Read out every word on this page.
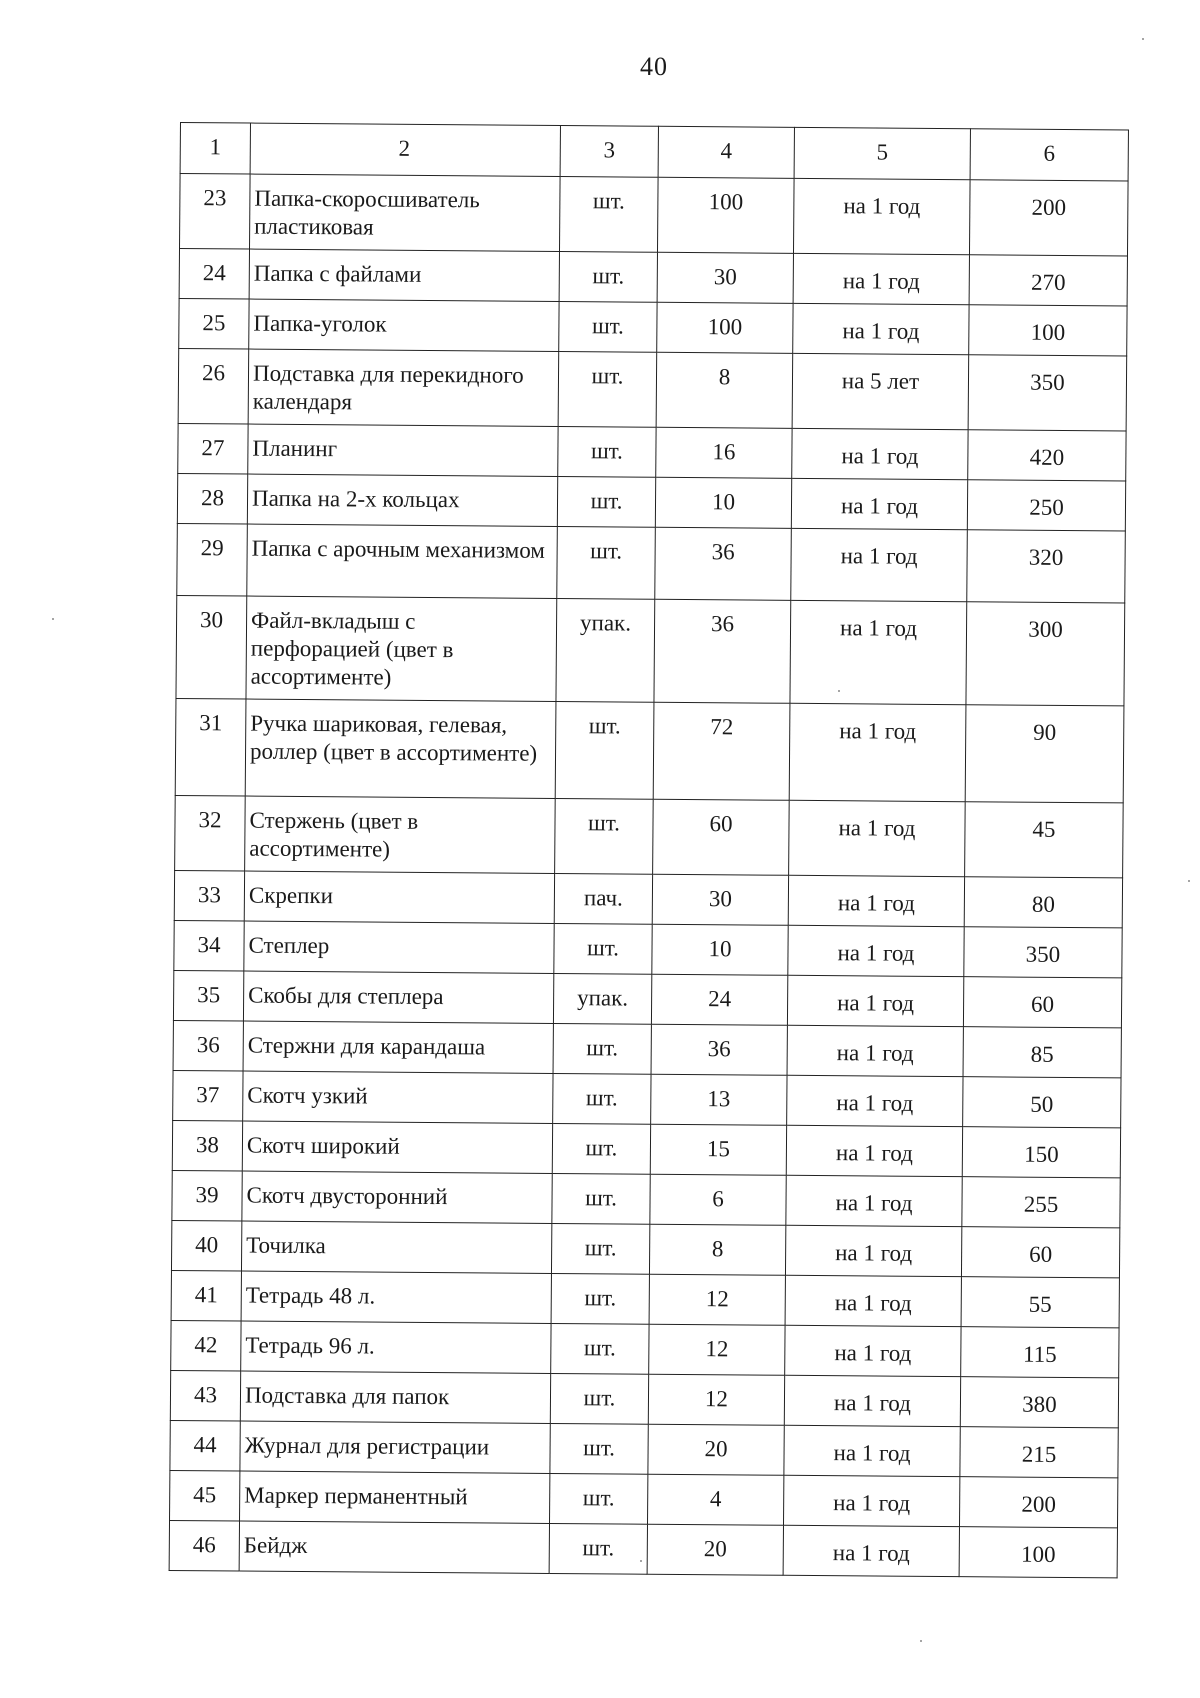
40
1	2	3	4	5	6

23	Папка-скоросшиватель пластиковая	шт.	100	на 1 год	200

24	Папка с файлами	шт.	30	на 1 год	270

25	Папка-уголок	шт.	100	на 1 год	100

26	Подставка для перекидного календаря	шт.	8	на 5 лет	350

27	Планинг	шт.	16	на 1 год	420

28	Папка на 2-х кольцах	шт.	10	на 1 год	250

29	Папка с арочным механизмом	шт.	36	на 1 год	320

30	Файл-вкладыш с перфорацией (цвет в ассортименте)	упак.	36	на 1 год	300

31	Ручка шариковая, гелевая, роллер (цвет в ассортименте)	шт.	72	на 1 год	90

32	Стержень (цвет в ассортименте)	шт.	60	на 1 год	45

33	Скрепки	пач.	30	на 1 год	80

34	Степлер	шт.	10	на 1 год	350

35	Скобы для степлера	упак.	24	на 1 год	60

36	Стержни для карандаша	шт.	36	на 1 год	85

37	Скотч узкий	шт.	13	на 1 год	50

38	Скотч широкий	шт.	15	на 1 год	150

39	Скотч двусторонний	шт.	6	на 1 год	255

40	Точилка	шт.	8	на 1 год	60

41	Тетрадь 48 л.	шт.	12	на 1 год	55

42	Тетрадь 96 л.	шт.	12	на 1 год	115

43	Подставка для папок	шт.	12	на 1 год	380

44	Журнал для регистрации	шт.	20	на 1 год	215

45	Маркер перманентный	шт.	4	на 1 год	200

46	Бейдж	шт.	20	на 1 год	100
